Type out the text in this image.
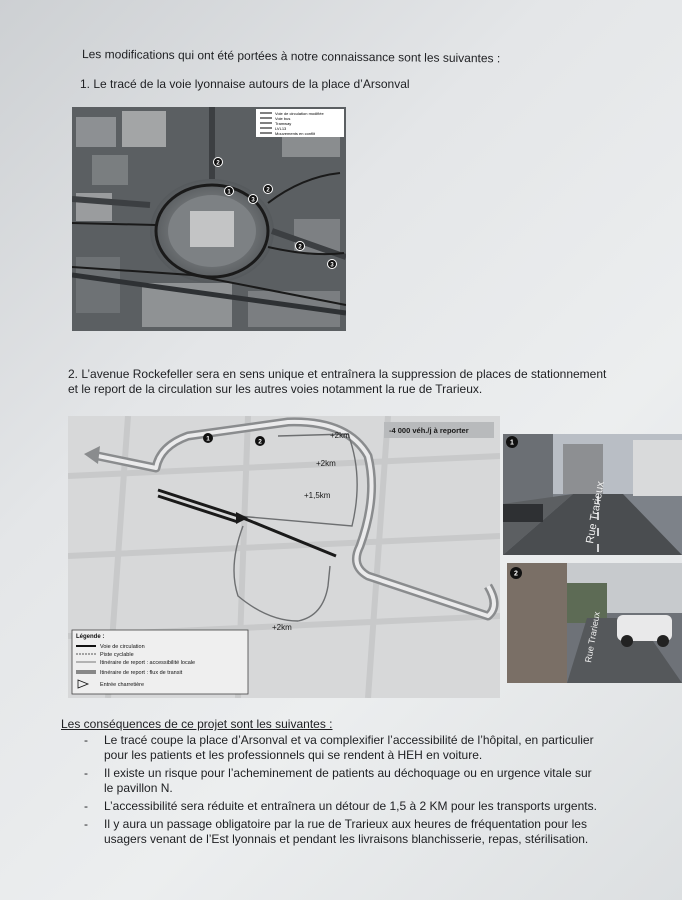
Les modifications qui ont été portées à notre connaissance sont les suivantes :
1. Le tracé de la voie lyonnaise autours de la place d’Arsonval
Voie de circulation modifiée
Voie bus
Tramway
LVL13
Mouvements en conflit
2
1	2
3
2
3
2. L’avenue Rockefeller sera en sens unique et entraînera la suppression de places de stationnement
et le report de la circulation sur les autres voies notamment la rue de Trarieux.
+2km
+2km
+1,5km
+2km
-4 000 véh./j à reporter
1	2
Légende :
Voie de circulation
Piste cyclable
Itinéraire de report : accessibilité locale
Itinéraire de report : flux de transit
Entrée charretière
1
Rue Trarieux
2
Rue Trarieux
Les conséquences de ce projet sont les suivantes :
- Le tracé coupe la place d’Arsonval et va complexifier l’accessibilité de l’hôpital, en particulier
pour les patients et les professionnels qui se rendent à HEH en voiture.
- Il existe un risque pour l’acheminement de patients au déchoquage ou en urgence vitale sur
le pavillon N.
- L’accessibilité sera réduite et entraînera un détour de 1,5 à 2 KM pour les transports urgents.
- Il y aura un passage obligatoire par la rue de Trarieux aux heures de fréquentation pour les
usagers venant de l’Est lyonnais et pendant les livraisons blanchisserie, repas, stérilisation.
